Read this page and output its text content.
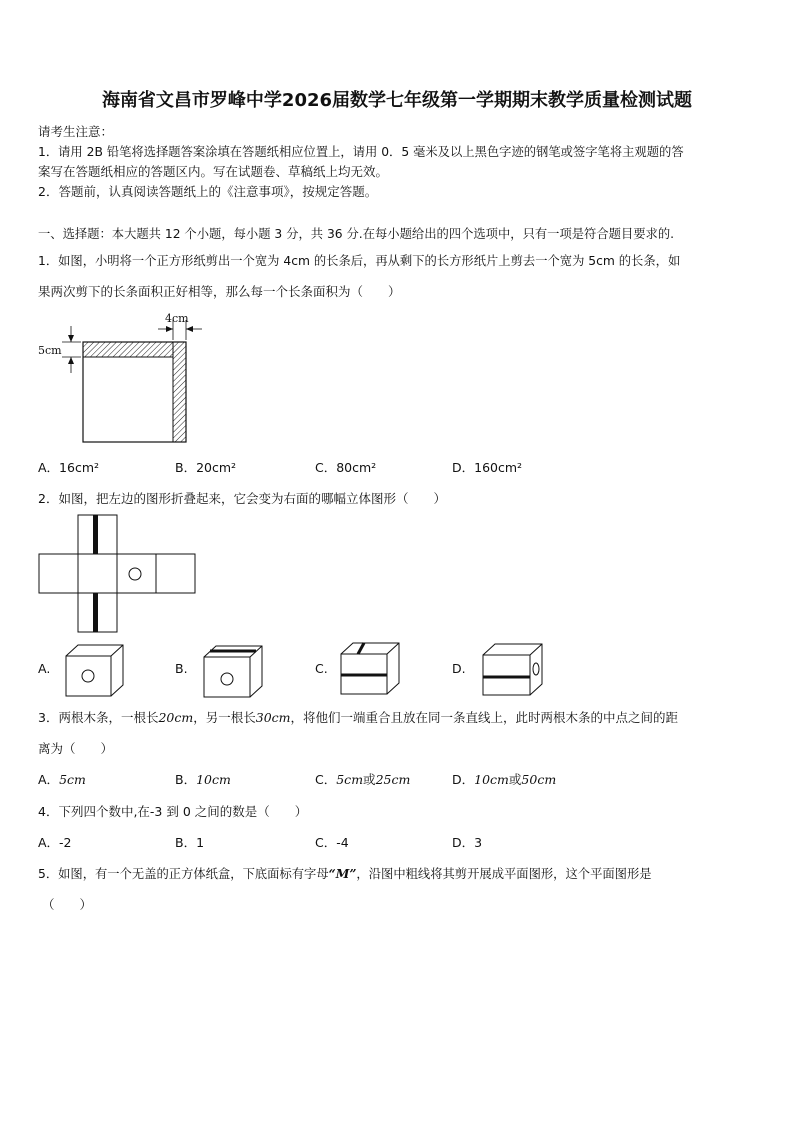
海南省文昌市罗峰中学2026届数学七年级第一学期期末教学质量检测试题
请考生注意：
1．请用 2B 铅笔将选择题答案涂填在答题纸相应位置上，请用 0．5 毫米及以上黑色字迹的钢笔或签字笔将主观题的答
案写在答题纸相应的答题区内。写在试题卷、草稿纸上均无效。
2．答题前，认真阅读答题纸上的《注意事项》，按规定答题。
一、选择题：本大题共 12 个小题，每小题 3 分，共 36 分.在每小题给出的四个选项中，只有一项是符合题目要求的.
1．如图，小明将一个正方形纸剪出一个宽为 4cm 的长条后，再从剩下的长方形纸片上剪去一个宽为 5cm 的长条，如
果两次剪下的长条面积正好相等，那么每一个长条面积为（　　）
4cm
5cm
A．16cm²	B．20cm²	C．80cm²	D．160cm²
2．如图，把左边的图形折叠起来，它会变为右面的哪幅立体图形（　　）
A.	B.	C.	D.
3．两根木条，一根长20cm，另一根长30cm，将他们一端重合且放在同一条直线上，此时两根木条的中点之间的距
离为（　　）
A．5cm	B．10cm	C．5cm或25cm	D．10cm或50cm
4．下列四个数中,在-3 到 0 之间的数是（　　）
A．-2	B．1	C．-4	D．3
5．如图，有一个无盖的正方体纸盒，下底面标有字母“M”，沿图中粗线将其剪开展成平面图形，这个平面图形是
（　　）
